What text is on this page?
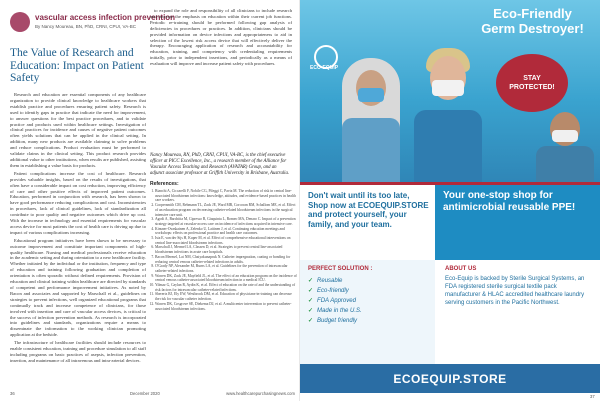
vascular access infection prevention
By Nancy Moureau, BN, PhD, CRNI, CPUI, VA-BC
The Value of Research and Education: Impact on Patient Safety

Research and education are essential components of any healthcare organization to provide clinical knowledge to healthcare workers that establish practice and procedures ensuring patient safety. Research is used to identify gaps in practice that indicate the need for improvement, to answer questions for the best practice procedures, and to validate practice and products used within healthcare settings. Investigation of clinical practices for incidence and causes of negative patient outcomes often yields solutions that can be applied in the clinical setting. In addition, many new products are available claiming to solve problems and reduce complications. Product evaluation must be performed to validate claims in the clinical setting. This product research provides additional value to other institutions, when results are published, assisting them in establishing a value basis for products.

Patient complications increase the cost of healthcare. Research provides valuable insights, based on the results of investigations, that often have a considerable impact on cost reduction, improving efficiency of care and other positive effects of improved patient outcomes. Education, performed in conjunction with research, has been shown to have good performance reducing complications and cost. Inconsistencies in procedures, lack of clinical guidelines, lack of standardization all contribute to poor quality and negative outcomes which drive up cost. With the increase in technology and essential requirements for vascular access device for most patients the cost of health care is driving up due to impact of various complications increasing.

Educational program initiatives have been shown to be necessary to outcome improvement and constitute important components of high-quality healthcare. Nursing and medical professionals receive education in the academic setting and during orientation to a new healthcare facility. Whether initiated by the individual or the institution, frequency and type of education and training following graduation and completion of orientation is often sporadic without defined requirements. Provision of education and clinical training within healthcare are directed by standards of competent and performance improvement initiatives. As noted by Bacon and associates and supported by Marschall et al., guidelines on strategies to prevent infections, well organized educational programs that continually track and increase competence of clinicians, for those involved with insertion and care of vascular access devices, is critical to the success of infection prevention methods. As research is incorporated into guidelines and standards, organizations require a means to disseminate the information to the working clinician promoting application at the bedside.

The infrastructure of healthcare facilities should include resources to enable consistent education, training and procedure simulation to all staff including programs on basic practices of asepsis, infection prevention, insertion, and maintenance of all intravenous and intra-arterial devices.

to expand the role and responsibility of all clinicians to include research and increase the emphasis on education within their current job functions. Periodic re-training should be performed following gap analysis of deficiencies in procedures or practices. In addition, clinicians should be provided information on device infections and appropriateness to aid in selection of the lowest risk access device that will effectively deliver the therapy. Encouraging application of research and accountability for education, training, and competency with credentialing requirements initially, prior to independent insertions, and periodically as a means of evaluation will improve and increase patient safety with procedures.

Nancy Moureau, RN, PhD, CRNI, CPUI, VA-BC, is the chief executive officer at PICC Excellence, Inc., a research member of the Alliance for Vascular Access Teaching and Research (AVATAR) Group, and an adjunct associate professor at Griffith University in Brisbane, Australia.
References:
1. Bianchi A, Ciccarelli F, Nobile CG, Pileggi C, Pavia M. The reduction of risk in central line-associated bloodstream infections: knowledge, attitudes, and evidence-based practices in health care workers.
2. Coopersmith CM, Rebmann TL, Zack JE, Ward MR, Corcoran RM, Schallom ME, et al. Effect of an education program on decreasing catheter-related bloodstream infections in the surgical intensive care unit.
3. Agodi A, Barchitta M, Cipresso R, Giaquinta L, Romeo MA, Denaro C. Impact of a prevention strategy targeted at vascular-access care on incidence of infections acquired in intensive care.
4. Kinsner-Ovaskainen A, Zelenko U, Laitinen J, et al. Continuing education meetings and workshops: effects on professional practice and health care outcomes.
5. Ista E, van der Sijs H, Kuper M, et al. Effect of comprehensive educational interventions on central line-associated bloodstream infections.
6. Marschall J, Mermel LA, Classen D, et al. Strategies to prevent central line-associated bloodstream infections in acute care hospitals.
7. Bacon Mermel, Lai NM, Chaiyakunapruk N. Catheter impregnation, coating or bonding for reducing central venous catheter-related infections in adults.
8. O'Grady NP, Alexander M, Burns LA, et al. Guidelines for the prevention of intravascular catheter-related infections.
9. Warren DK, Zack JE, Mayfield JL, et al. The effect of an education program on the incidence of central venous catheter-associated bloodstream infection in a medical ICU.
10. Yilmaz G, Caylan R, Aydin K, et al. Effect of education on the rate of and the understanding of risk factors for intravascular catheter-related infections.
11. Sherertz RJ, Ely EW, Westbrook DM, et al. Education of physicians-in-training can decrease the risk for vascular catheter infection.
12. Warren DK, Cosgrove SE, Diekema DJ, et al. A multicenter intervention to prevent catheter-associated bloodstream infections.
36	December 2020	www.healthcarepurchasingnews.com
ECO-EQUIP
Eco-Friendly
Germ Destroyer!
STAY PROTECTED!
Don't wait until its too late, Shop now at ECOEQUIP.STORE and protect yourself, your family, and your team.
Your one-stop shop for antimicrobial reusable PPE!
PERFECT SOLUTION :
✓ Reusable
✓ Eco-friendly
✓ FDA Approved
✓ Made in the U.S.
✓ Budget friendly
ABOUT US
Eco-Equip is backed by Sterile Surgical Systems, an FDA registered sterile surgical textile pack manufacturer & HLAC accredited healthcare laundry serving customers in the Pacific Northwest.
ECOEQUIP.STORE
37
